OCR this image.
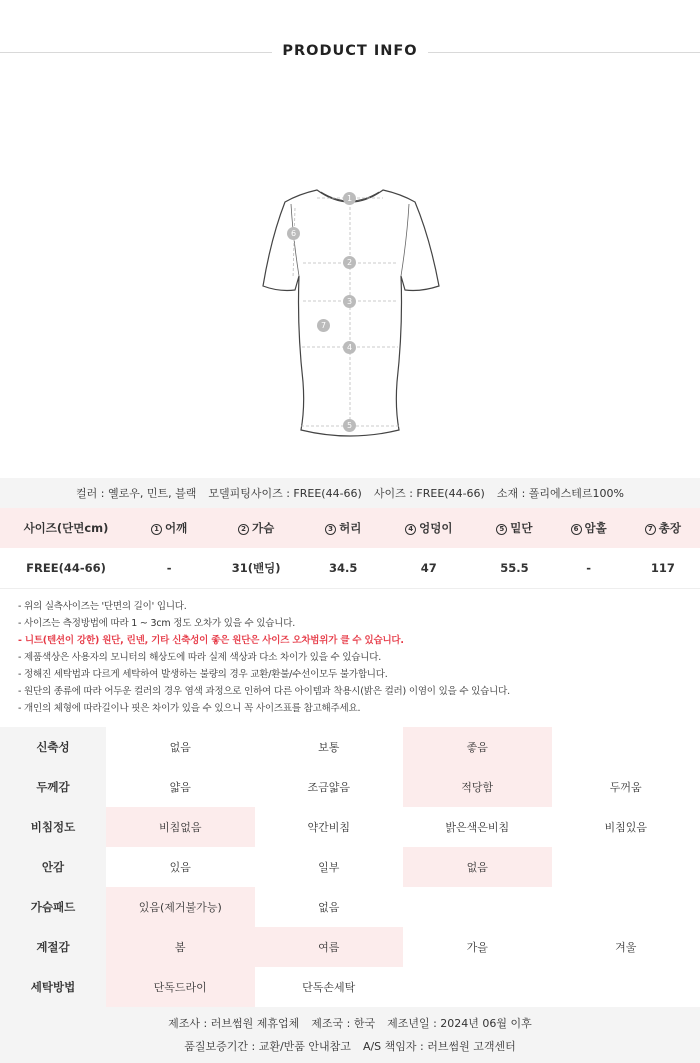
PRODUCT INFO
1
2
3
4
5
6
7
컬러 : 옐로우, 민트, 블랙 모델피팅사이즈 : FREE(44-66) 사이즈 : FREE(44-66) 소재 : 폴리에스테르100%
사이즈(단면cm)	1 어깨	2 가슴	3 허리	4 엉덩이	5 밑단	6 암홀	7 총장
FREE(44-66)	-	31(밴딩)	34.5	47	55.5	-	117

- 위의 실측사이즈는 '단면의 길이' 입니다.

- 사이즈는 측정방법에 따라 1 ~ 3cm 정도 오차가 있을 수 있습니다.

- 니트(텐션이 강한) 원단, 린넨, 기타 신축성이 좋은 원단은 사이즈 오차범위가 클 수 있습니다.

- 제품색상은 사용자의 모니터의 해상도에 따라 실제 색상과 다소 차이가 있을 수 있습니다.

- 정해진 세탁법과 다르게 세탁하여 발생하는 불량의 경우 교환/환불/수선이모두 불가합니다.

- 원단의 종류에 따라 어두운 컬러의 경우 염색 과정으로 인하여 다른 아이템과 착용시(밝은 컬러) 이염이 있을 수 있습니다.

- 개인의 체형에 따라길이나 핏은 차이가 있을 수 있으니 꼭 사이즈표를 참고해주세요.

신축성	없음	보통	좋음	
두께감	얇음	조금얇음	적당함	두꺼움
비침정도	비침없음	약간비침	밝은색은비침	비침있음
안감	있음	일부	없음	
가슴패드	있음(제거불가능)	없음		
계절감	봄	여름	가을	겨울
세탁방법	단독드라이	단독손세탁		
제조사 : 러브썸원 제휴업체 제조국 : 한국 제조년일 : 2024년 06월 이후
품질보증기간 : 교환/반품 안내참고 A/S 책임자 : 러브썸원 고객센터
